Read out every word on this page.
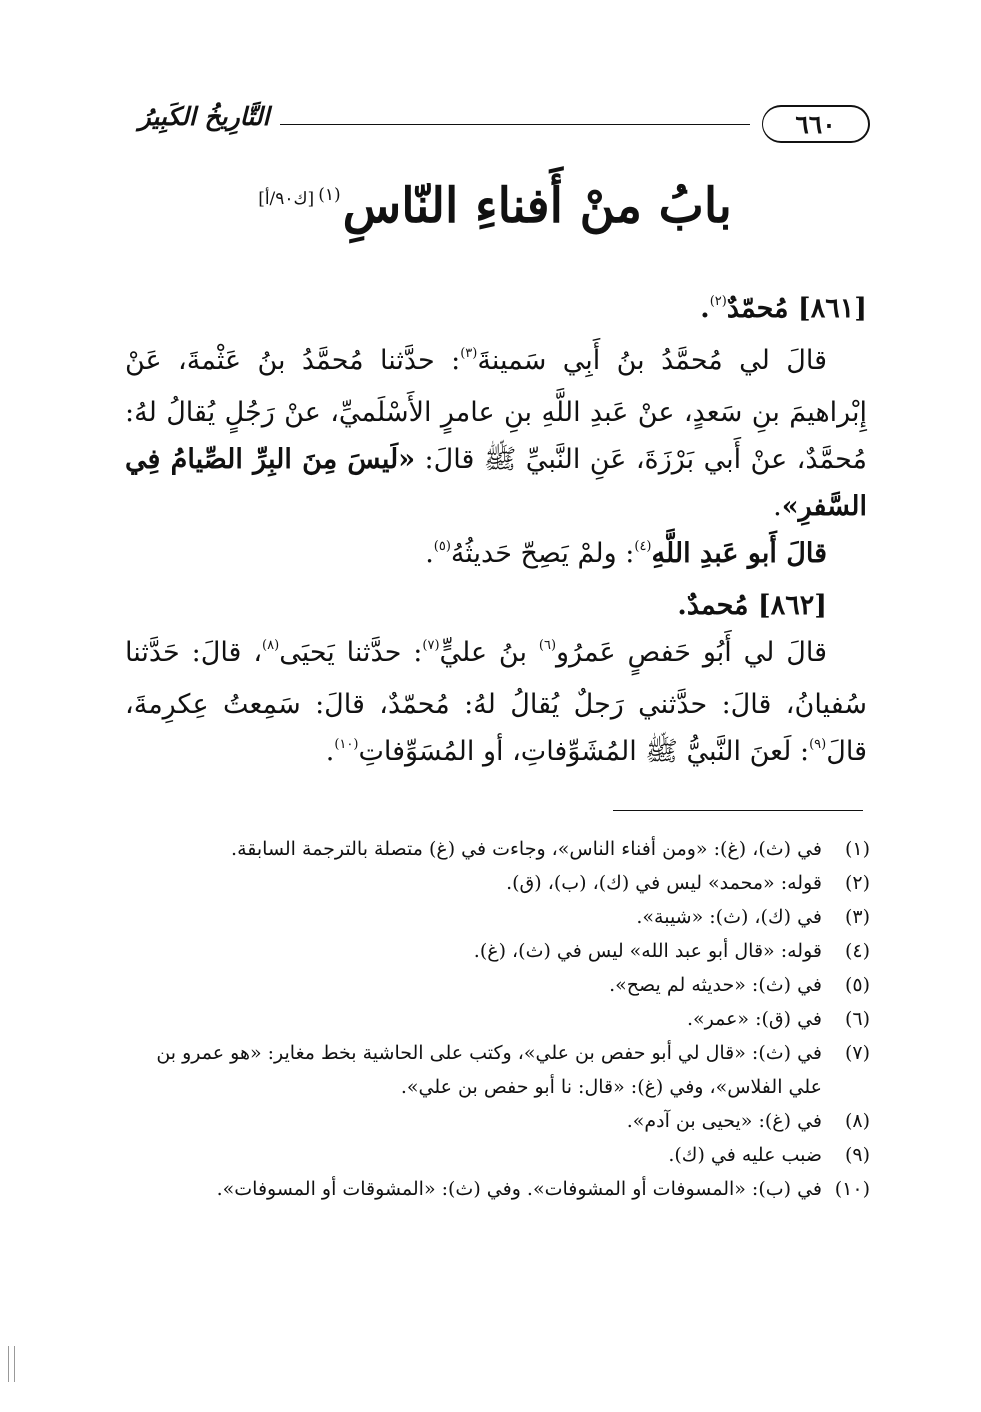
٦٦٠
التَّارِيخُ الكَبِيرُ
بابُ منْ أَفناءِ النّاسِ(١)[ك٩٠/أ]

[٨٦١] مُحمّدٌ$^{(٢)}$.

قالَ لي مُحمَّدُ بنُ أَبِي سَمينةَ$^{(٣)}$: حدَّثنا مُحمَّدُ بنُ عَثْمةَ، عَنْ إِبْراهيمَ بنِ سَعدٍ، عنْ عَبدِ اللَّهِ بنِ عامرٍ الأَسْلَميِّ، عنْ رَجُلٍ يُقالُ لهُ: مُحمَّدٌ، عنْ أَبي بَرْزَةَ، عَنِ النَّبيِّ ﷺ قالَ: «لَيسَ مِنَ البِرِّ الصِّيامُ فِي السَّفرِ».

قالَ أَبو عَبدِ اللَّهِ$^{(٤)}$: ولمْ يَصِحّ حَديثُهُ$^{(٥)}$.

[٨٦٢] مُحمدٌ.

قالَ لي أَبُو حَفصٍ عَمرُو$^{(٦)}$ بنُ عليٍّ$^{(٧)}$: حدَّثنا يَحيَى$^{(٨)}$، قالَ: حَدَّثنا سُفيانُ، قالَ: حدَّثني رَجلٌ يُقالُ لهُ: مُحمّدٌ، قالَ: سَمِعتُ عِكرِمةَ، قالَ$^{(٩)}$: لَعنَ النَّبيُّ ﷺ المُشَوِّفاتِ، أو المُسَوِّفاتِ$^{(١٠)}$.

(١)
في (ث)، (غ): «ومن أفناء الناس»، وجاءت في (غ) متصلة بالترجمة السابقة.
(٢)
قوله: «محمد» ليس في (ك)، (ب)، (ق).
(٣)
في (ك)، (ث): «شيبة».
(٤)
قوله: «قال أبو عبد الله» ليس في (ث)، (غ).
(٥)
في (ث): «حديثه لم يصح».
(٦)
في (ق): «عمر».
(٧)
في (ث): «قال لي أبو حفص بن علي»، وكتب على الحاشية بخط مغاير: «هو عمرو بن علي الفلاس»، وفي (غ): «قال: نا أبو حفص بن علي».
(٨)
في (غ): «يحيى بن آدم».
(٩)
ضبب عليه في (ك).
(١٠)
في (ب): «المسوفات أو المشوفات». وفي (ث): «المشوقات أو المسوفات».
